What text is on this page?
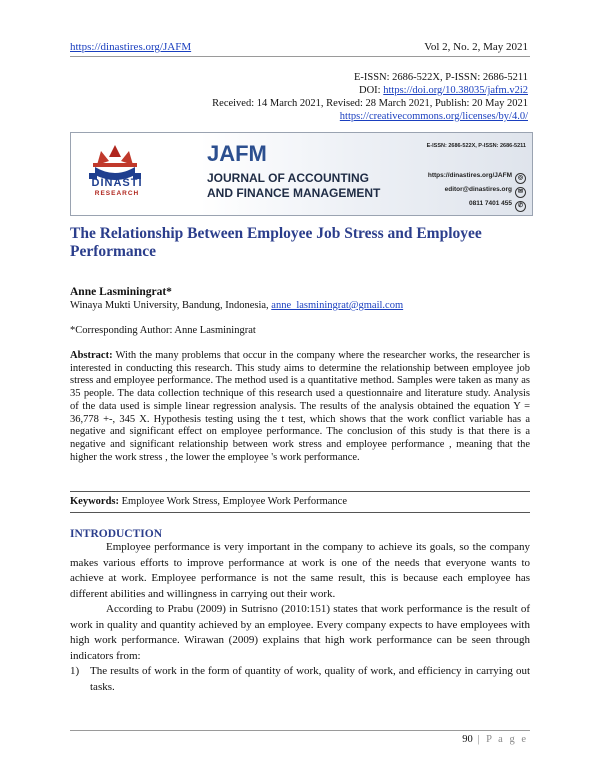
https://dinastires.org/JAFM	Vol 2, No. 2, May 2021
E-ISSN: 2686-522X, P-ISSN: 2686-5211
DOI: https://doi.org/10.38035/jafm.v2i2
Received: 14 March 2021, Revised: 28 March 2021, Publish: 20 May 2021
https://creativecommons.org/licenses/by/4.0/
DINASTI
RESEARCH
JAFM
JOURNAL OF ACCOUNTING
AND FINANCE MANAGEMENT
E-ISSN: 2686-522X, P-ISSN: 2686-5211
https://dinastires.org/JAFM ◎
editor@dinastires.org ✉
0811 7401 455 ✆
The Relationship Between Employee Job Stress and Employee Performance
Anne Lasminingrat*
Winaya Mukti University, Bandung, Indonesia, anne_lasminingrat@gmail.com
*Corresponding Author: Anne Lasminingrat
Abstract: With the many problems that occur in the company where the researcher works, the researcher is interested in conducting this research. This study aims to determine the relationship between employee job stress and employee performance. The method used is a quantitative method. Samples were taken as many as 35 people. The data collection technique of this research used a questionnaire and literature study. Analysis of the data used is simple linear regression analysis. The results of the analysis obtained the equation Y = 36,778 +-, 345 X. Hypothesis testing using the t test, which shows that the work conflict variable has a negative and significant effect on employee performance. The conclusion of this study is that there is a negative and significant relationship between work stress and employee performance , meaning that the higher the work stress , the lower the employee 's work performance.
Keywords: Employee Work Stress, Employee Work Performance
INTRODUCTION
Employee performance is very important in the company to achieve its goals, so the company makes various efforts to improve performance at work is one of the needs that everyone wants to achieve at work. Employee performance is not the same result, this is because each employee has different abilities and willingness in carrying out their work.
According to Prabu (2009) in Sutrisno (2010:151) states that work performance is the result of work in quality and quantity achieved by an employee. Every company expects to have employees with high work performance. Wirawan (2009) explains that high work performance can be seen through indicators from:
1) The results of work in the form of quantity of work, quality of work, and efficiency in carrying out tasks.
90 | P a g e
